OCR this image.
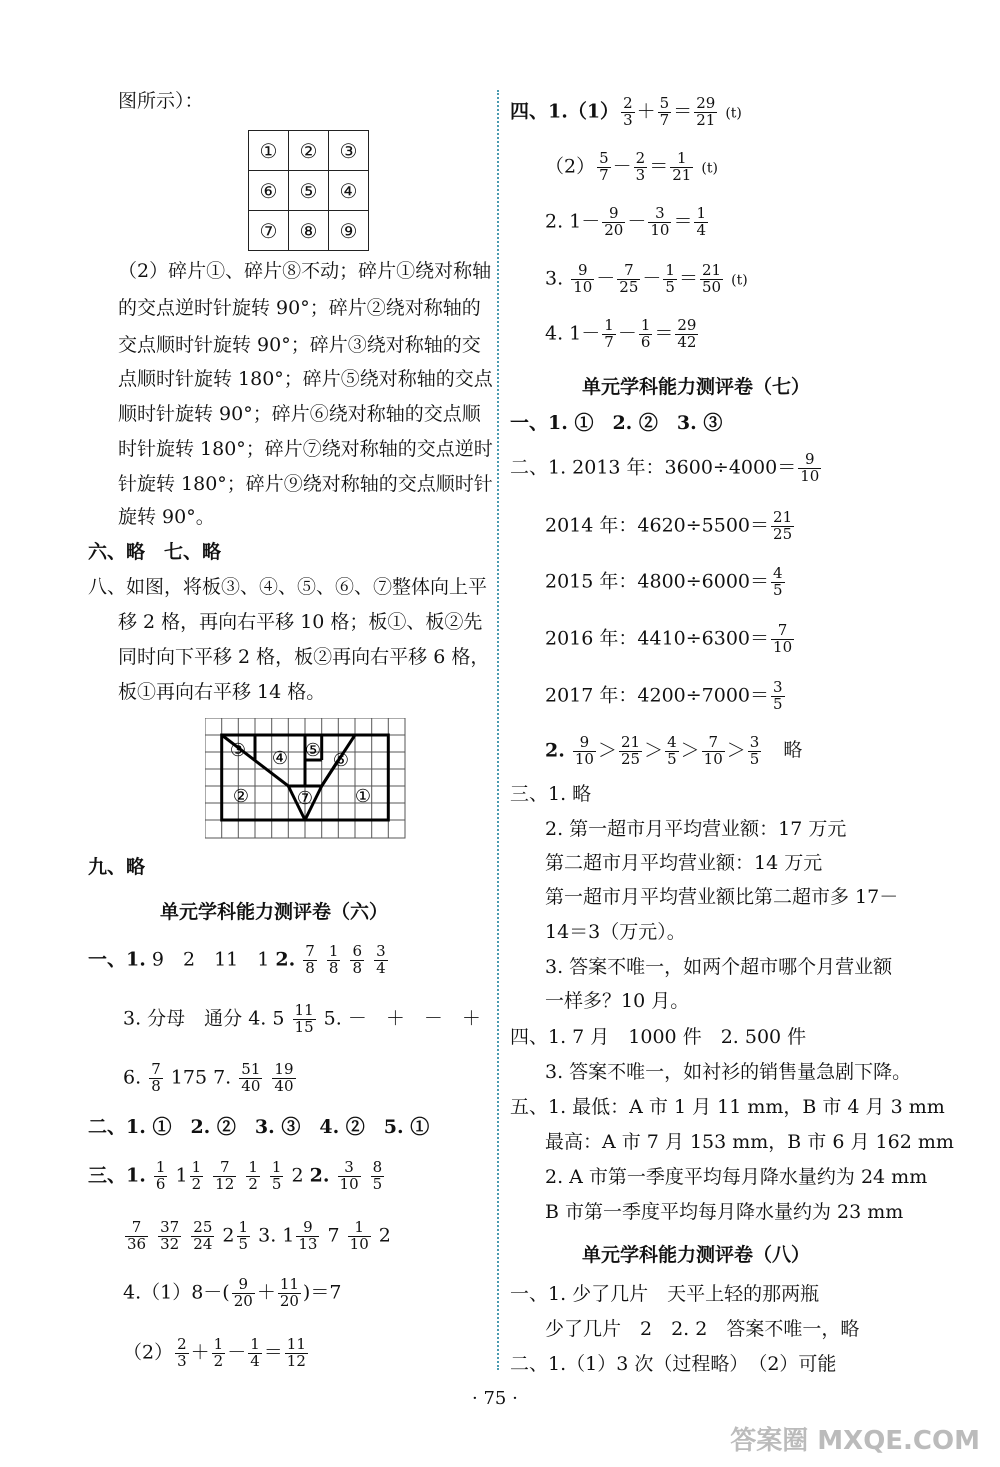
图所示）：
①	②	③
⑥	⑤	④
⑦	⑧	⑨
（2）碎片①、碎片⑧不动；碎片①绕对称轴
的交点逆时针旋转 90°；碎片②绕对称轴的
交点顺时针旋转 90°；碎片③绕对称轴的交
点顺时针旋转 180°；碎片⑤绕对称轴的交点
顺时针旋转 90°；碎片⑥绕对称轴的交点顺
时针旋转 180°；碎片⑦绕对称轴的交点逆时
针旋转 180°；碎片⑨绕对称轴的交点顺时针
旋转 90°。
六、略　七、略
八、如图，将板③、④、⑤、⑥、⑦整体向上平
移 2 格，再向右平移 10 格；板①、板②先
同时向下平移 2 格，板②再向右平移 6 格，
板①再向右平移 14 格。
③ ④ ⑤ ⑥
②	⑦ ①
九、略
单元学科能力测评卷（六）
一、1. 9　2　11　1 2. $\frac{7}{8}$
$\frac{1}{8}$
$\frac{6}{8}$
$\frac{3}{4}$
3. 分母　通分 4. $5 \frac{11}{15} 5$. －　＋　－　＋
6. $\frac{7}{8} 175$ 7. $\frac{51}{40}$
$\frac{19}{40}$
二、1. ①　2. ②　3. ③　4. ②　5. ①
三、1. $\frac{1}{6} 1 \frac{1}{2}$
$\frac{7}{12}$
$\frac{1}{2}$
$\frac{1}{5} 2$ 2. $\frac{3}{10}$
$\frac{8}{5}$
$\frac{7}{36}$
$\frac{37}{32}$
$\frac{25}{24} 2 \frac{1}{5} 3$. $1 \frac{9}{13} 7 \frac{1}{10} 2$
$4.(1)8-( \frac{9}{20} + \frac{11}{20} )=7$
$(2) \frac{2}{3} + \frac{1}{2} - \frac{1}{4} = \frac{11}{12}$
四、$1.(1) \frac{2}{3} + \frac{5}{7} = \frac{29}{21} (t)$
$(2) \frac{5}{7} - \frac{2}{3} = \frac{1}{21} (t)$
2. $1- \frac{9}{20} - \frac{3}{10} = \frac{1}{4}$
3. $\frac{9}{10} - \frac{7}{25} - \frac{1}{5} = \frac{21}{50} (t)$
4. $1- \frac{1}{7} - \frac{1}{6} = \frac{29}{42}$
单元学科能力测评卷（七）
一、1. ①　2. ②　3. ③
二、1. 2013 年：$3600\div 4000= \frac{9}{10}$
2014 年：$4620\div 5500= \frac{21}{25}$
2015 年：$4800\div 6000= \frac{4}{5}$
2016 年：$4410\div 6300= \frac{7}{10}$
2017 年：$4200\div 7000= \frac{3}{5}$
2. $\frac{9}{10} > \frac{21}{25} > \frac{4}{5} > \frac{7}{10} > \frac{3}{5}$ 略
三、1. 略
2. 第一超市月平均营业额：17 万元
第二超市月平均营业额：14 万元
第一超市月平均营业额比第二超市多 17－
14＝3（万元）。
3. 答案不唯一，如两个超市哪个月营业额
一样多？10 月。
四、1. 7 月　1000 件　2. 500 件
3. 答案不唯一，如衬衫的销售量急剧下降。
五、1. 最低：A 市 1 月 11 mm，B 市 4 月 3 mm
最高：A 市 7 月 153 mm，B 市 6 月 162 mm
2. A 市第一季度平均每月降水量约为 24 mm
B 市第一季度平均每月降水量约为 23 mm
单元学科能力测评卷（八）
一、1. 少了几片　天平上轻的那两瓶
少了几片　2　2. 2　答案不唯一，略
二、1.（1）3 次（过程略）　（2）可能
· 75 ·
答案圈 MXQE.COM
